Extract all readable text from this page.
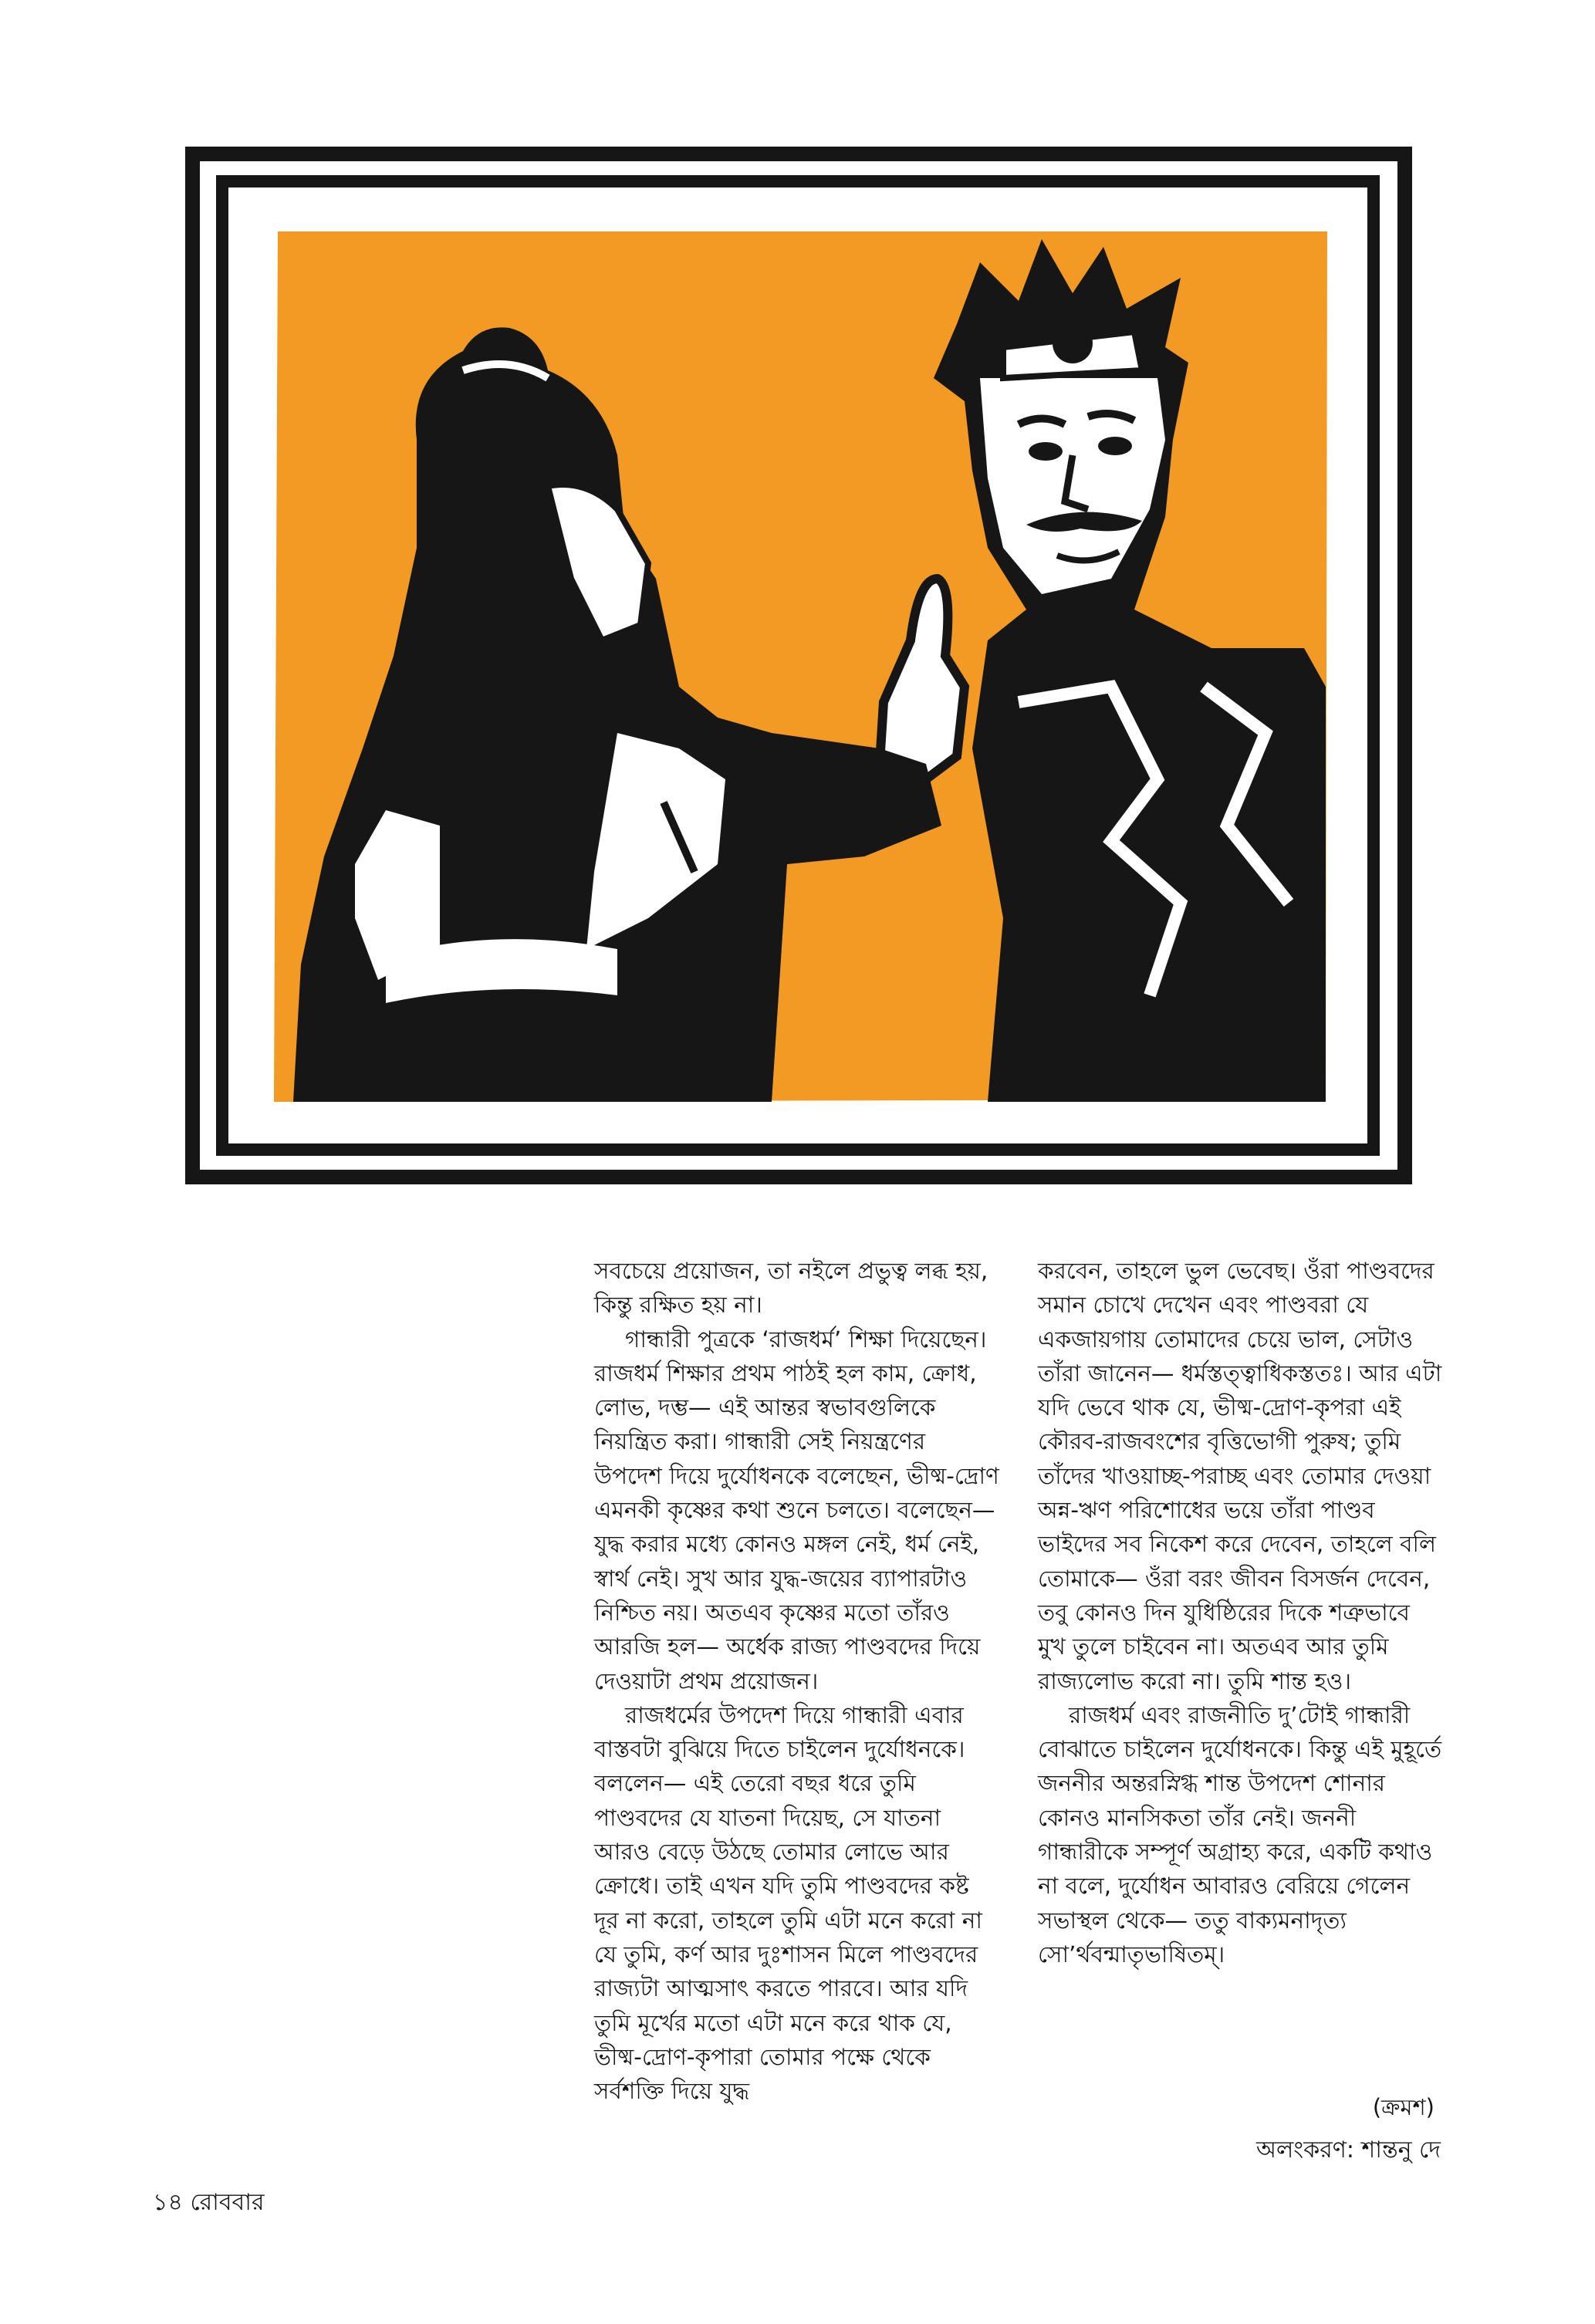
সবচেয়ে প্রয়োজন, তা নইলে প্রভুত্ব লব্ধ হয়, কিন্তু রক্ষিত হয় না।

গান্ধারী পুত্রকে ‘রাজধর্ম’ শিক্ষা দিয়েছেন। রাজধর্ম শিক্ষার প্রথম পাঠই হল কাম, ক্রোধ, লোভ, দম্ভ— এই আন্তর স্বভাবগুলিকে নিয়ন্ত্রিত করা। গান্ধারী সেই নিয়ন্ত্রণের উপদেশ দিয়ে দুর্যোধনকে বলেছেন, ভীষ্ম-দ্রোণ এমনকী কৃষ্ণের কথা শুনে চলতে। বলেছেন— যুদ্ধ করার মধ্যে কোনও মঙ্গল নেই, ধর্ম নেই, স্বার্থ নেই। সুখ আর যুদ্ধ-জয়ের ব্যাপারটাও নিশ্চিত নয়। অতএব কৃষ্ণের মতো তাঁরও আরজি হল— অর্ধেক রাজ্য পাণ্ডবদের দিয়ে দেওয়াটা প্রথম প্রয়োজন।

রাজধর্মের উপদেশ দিয়ে গান্ধারী এবার বাস্তবটা বুঝিয়ে দিতে চাইলেন দুর্যোধনকে। বললেন— এই তেরো বছর ধরে তুমি পাণ্ডবদের যে যাতনা দিয়েছ, সে যাতনা আরও বেড়ে উঠছে তোমার লোভে আর ক্রোধে। তাই এখন যদি তুমি পাণ্ডবদের কষ্ট দূর না করো, তাহলে তুমি এটা মনে করো না যে তুমি, কর্ণ আর দুঃশাসন মিলে পাণ্ডবদের রাজ্যটা আত্মসাৎ করতে পারবে। আর যদি তুমি মূর্খের মতো এটা মনে করে থাক যে, ভীষ্ম-দ্রোণ-কৃপারা তোমার পক্ষে থেকে সর্বশক্তি দিয়ে যুদ্ধ

করবেন, তাহলে ভুল ভেবেছ। ওঁরা পাণ্ডবদের সমান চোখে দেখেন এবং পাণ্ডবরা যে একজায়গায় তোমাদের চেয়ে ভাল, সেটাও তাঁরা জানেন— ধর্মস্তত্ত্বাধিকস্ততঃ। আর এটা যদি ভেবে থাক যে, ভীষ্ম-দ্রোণ-কৃপরা এই কৌরব-রাজবংশের বৃত্তিভোগী পুরুষ; তুমি তাঁদের খাওয়াচ্ছ-পরাচ্ছ এবং তোমার দেওয়া অন্ন-ঋণ পরিশোধের ভয়ে তাঁরা পাণ্ডব ভাইদের সব নিকেশ করে দেবেন, তাহলে বলি তোমাকে— ওঁরা বরং জীবন বিসর্জন দেবেন, তবু কোনও দিন যুধিষ্ঠিরের দিকে শত্রুভাবে মুখ তুলে চাইবেন না। অতএব আর তুমি রাজ্যলোভ করো না। তুমি শান্ত হও।

রাজধর্ম এবং রাজনীতি দু’টোই গান্ধারী বোঝাতে চাইলেন দুর্যোধনকে। কিন্তু এই মুহূর্তে জননীর অন্তরস্নিগ্ধ শান্ত উপদেশ শোনার কোনও মানসিকতা তাঁর নেই। জননী গান্ধারীকে সম্পূর্ণ অগ্রাহ্য করে, একটি কথাও না বলে, দুর্যোধন আবারও বেরিয়ে গেলেন সভাস্থল থেকে— ততু বাক্যমনাদৃত্য সো’র্থবন্মাতৃভাষিতম্।

(ক্রমশ)
অলংকরণ: শান্তনু দে
১৪ রোববার
